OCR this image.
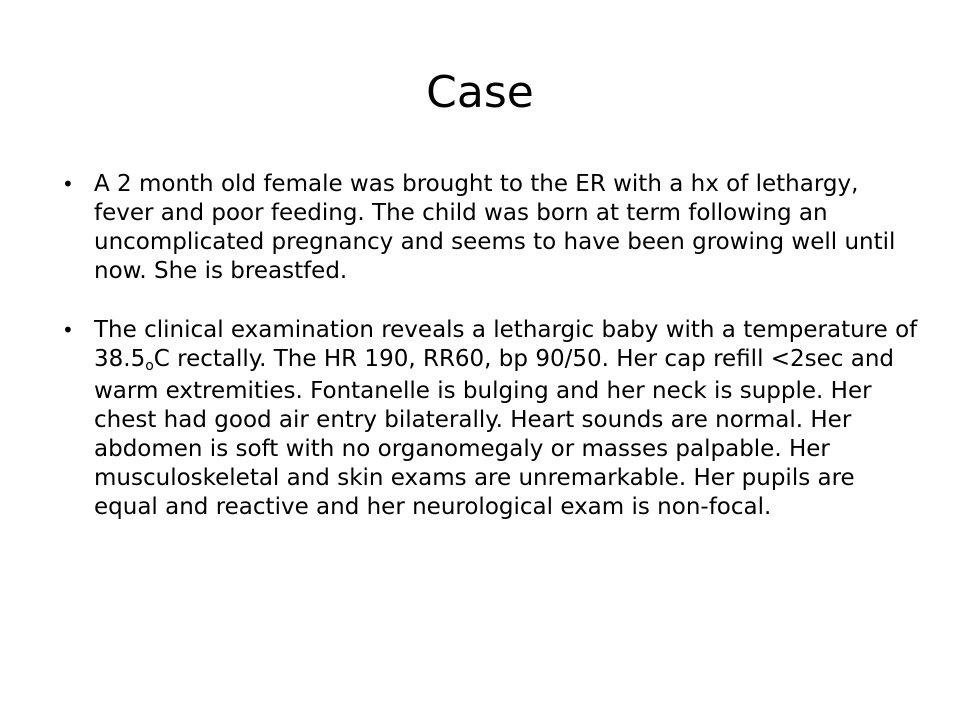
Case
• A 2 month old female was brought to the ER with a hx of lethargy, fever and poor feeding. The child was born at term following an uncomplicated pregnancy and seems to have been growing well until now. She is breastfed.
• The clinical examination reveals a lethargic baby with a temperature of 38.5$^o$C rectally. The HR 190, RR60, bp 90/50. Her cap refill <2sec and warm extremities. Fontanelle is bulging and her neck is supple. Her chest had good air entry bilaterally. Heart sounds are normal. Her abdomen is soft with no organomegaly or masses palpable. Her musculoskeletal and skin exams are unremarkable. Her pupils are equal and reactive and her neurological exam is non-focal.
